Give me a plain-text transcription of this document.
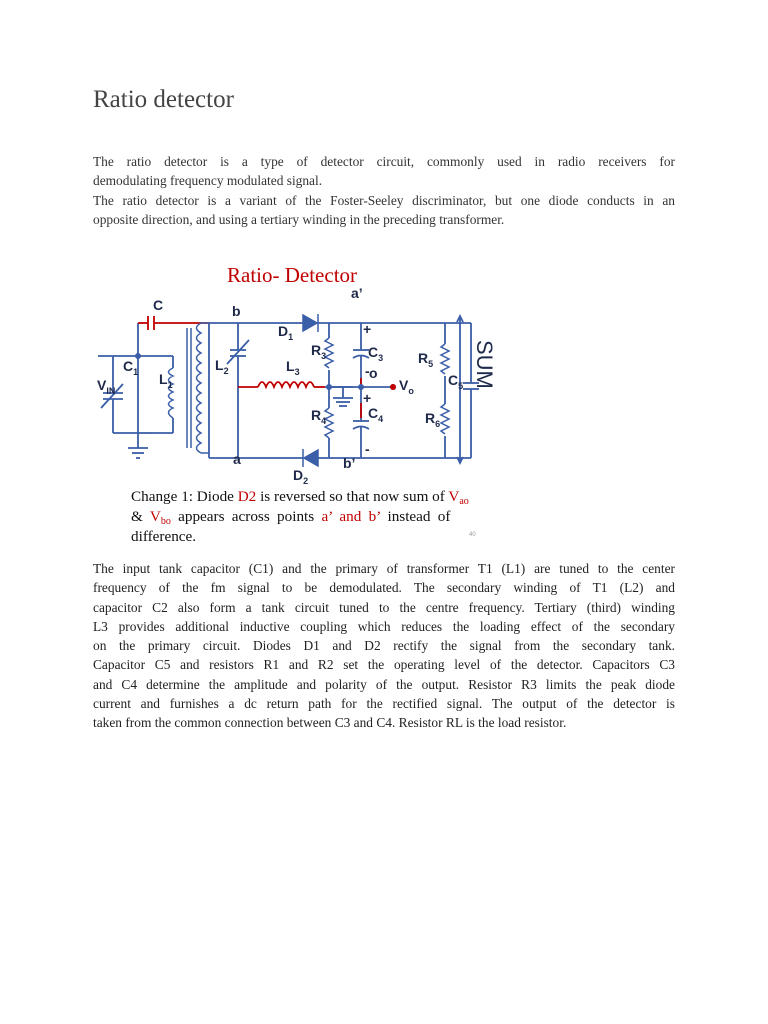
Ratio detector
The ratio detector is a type of detector circuit, commonly used in radio receivers for
demodulating frequency modulated signal.
The ratio detector is a variant of the Foster-Seeley discriminator, but one diode conducts in an
opposite direction, and using a tertiary winding in the preceding transformer.
Ratio- Detector
C	b
a’
$C_1$
$V_{IN}$
$L_1$
$L_2$	$L_3$
$D_1$
$D_2$
$R_3$
$R_4$
$C_3$
$C_4$
$R_5$
$R_6$
$C_5$
$V_o$
o
a	b’
+
+
-
-
SUM
40
Change 1: Diode D2 is reversed so that now sum of Vao
& Vbo appears across points a’ and b’ instead of
difference.
The input tank capacitor (C1) and the primary of transformer T1 (L1) are tuned to the center
frequency of the fm signal to be demodulated. The secondary winding of T1 (L2) and
capacitor C2 also form a tank circuit tuned to the centre frequency. Tertiary (third) winding
L3 provides additional inductive coupling which reduces the loading effect of the secondary
on the primary circuit. Diodes D1 and D2 rectify the signal from the secondary tank.
Capacitor C5 and resistors R1 and R2 set the operating level of the detector. Capacitors C3
and C4 determine the amplitude and polarity of the output. Resistor R3 limits the peak diode
current and furnishes a dc return path for the rectified signal. The output of the detector is
taken from the common connection between C3 and C4. Resistor RL is the load resistor.
